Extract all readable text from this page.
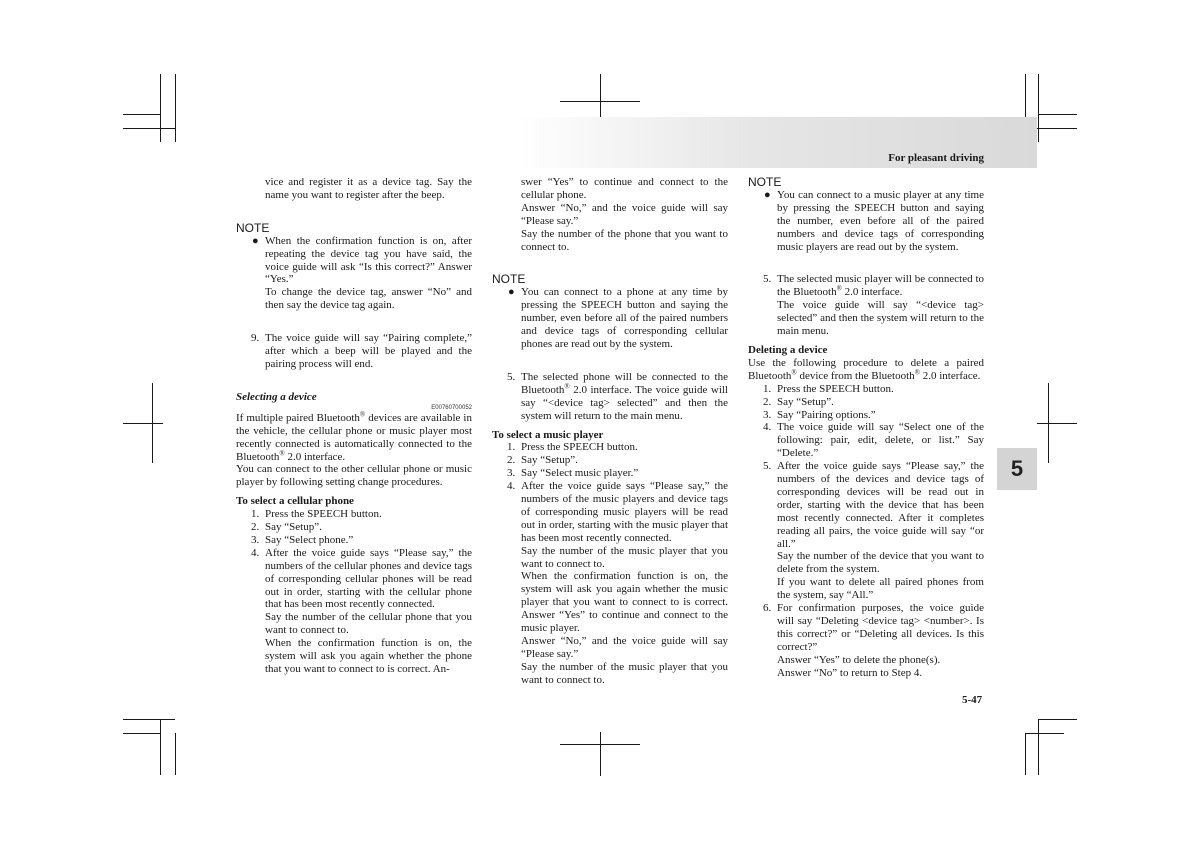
For pleasant driving
5
5-47

vice and register it as a device tag. Say the name you want to register after the beep.

NOTE

● When the confirmation function is on, after repeating the device tag you have said, the voice guide will ask “Is this correct?” Answer “Yes.”

To change the device tag, answer “No” and then say the device tag again.

9. The voice guide will say “Pairing complete,” after which a beep will be played and the pairing process will end.

Selecting a device

E00760700052

If multiple paired Bluetooth® devices are available in the vehicle, the cellular phone or music player most recently connected is automatically connected to the Bluetooth® 2.0 interface.

You can connect to the other cellular phone or music player by following setting change procedures.

To select a cellular phone

1. Press the SPEECH button.
2. Say “Setup”.
3. Say “Select phone.”
4. After the voice guide says “Please say,” the numbers of the cellular phones and device tags of corresponding cellular phones will be read out in order, starting with the cellular phone that has been most recently connected.

Say the number of the cellular phone that you want to connect to.

When the confirmation function is on, the system will ask you again whether the phone that you want to connect to is correct. An-

swer “Yes” to continue and connect to the cellular phone.

Answer “No,” and the voice guide will say “Please say.”

Say the number of the phone that you want to connect to.

NOTE

● You can connect to a phone at any time by pressing the SPEECH button and saying the number, even before all of the paired numbers and device tags of corresponding cellular phones are read out by the system.
5. The selected phone will be connected to the Bluetooth® 2.0 interface. The voice guide will say “<device tag> selected” and then the system will return to the main menu.

To select a music player

1. Press the SPEECH button.
2. Say “Setup”.
3. Say “Select music player.”
4. After the voice guide says “Please say,” the numbers of the music players and device tags of corresponding music players will be read out in order, starting with the music player that has been most recently connected.

Say the number of the music player that you want to connect to.

When the confirmation function is on, the system will ask you again whether the music player that you want to connect to is correct. Answer “Yes” to continue and connect to the music player.

Answer “No,” and the voice guide will say “Please say.”

Say the number of the music player that you want to connect to.

NOTE

● You can connect to a music player at any time by pressing the SPEECH button and saying the number, even before all of the paired numbers and device tags of corresponding music players are read out by the system.
5. The selected music player will be connected to the Bluetooth® 2.0 interface.

The voice guide will say “<device tag> selected” and then the system will return to the main menu.

Deleting a device

Use the following procedure to delete a paired Bluetooth® device from the Bluetooth® 2.0 interface.

1. Press the SPEECH button.
2. Say “Setup”.
3. Say “Pairing options.”
4. The voice guide will say “Select one of the following: pair, edit, delete, or list.” Say “Delete.”
5. After the voice guide says “Please say,” the numbers of the devices and device tags of corresponding devices will be read out in order, starting with the device that has been most recently connected. After it completes reading all pairs, the voice guide will say “or all.”

Say the number of the device that you want to delete from the system.

If you want to delete all paired phones from the system, say “All.”

6. For confirmation purposes, the voice guide will say “Deleting <device tag> <number>. Is this correct?” or “Deleting all devices. Is this correct?”

Answer “Yes” to delete the phone(s).

Answer “No” to return to Step 4.
